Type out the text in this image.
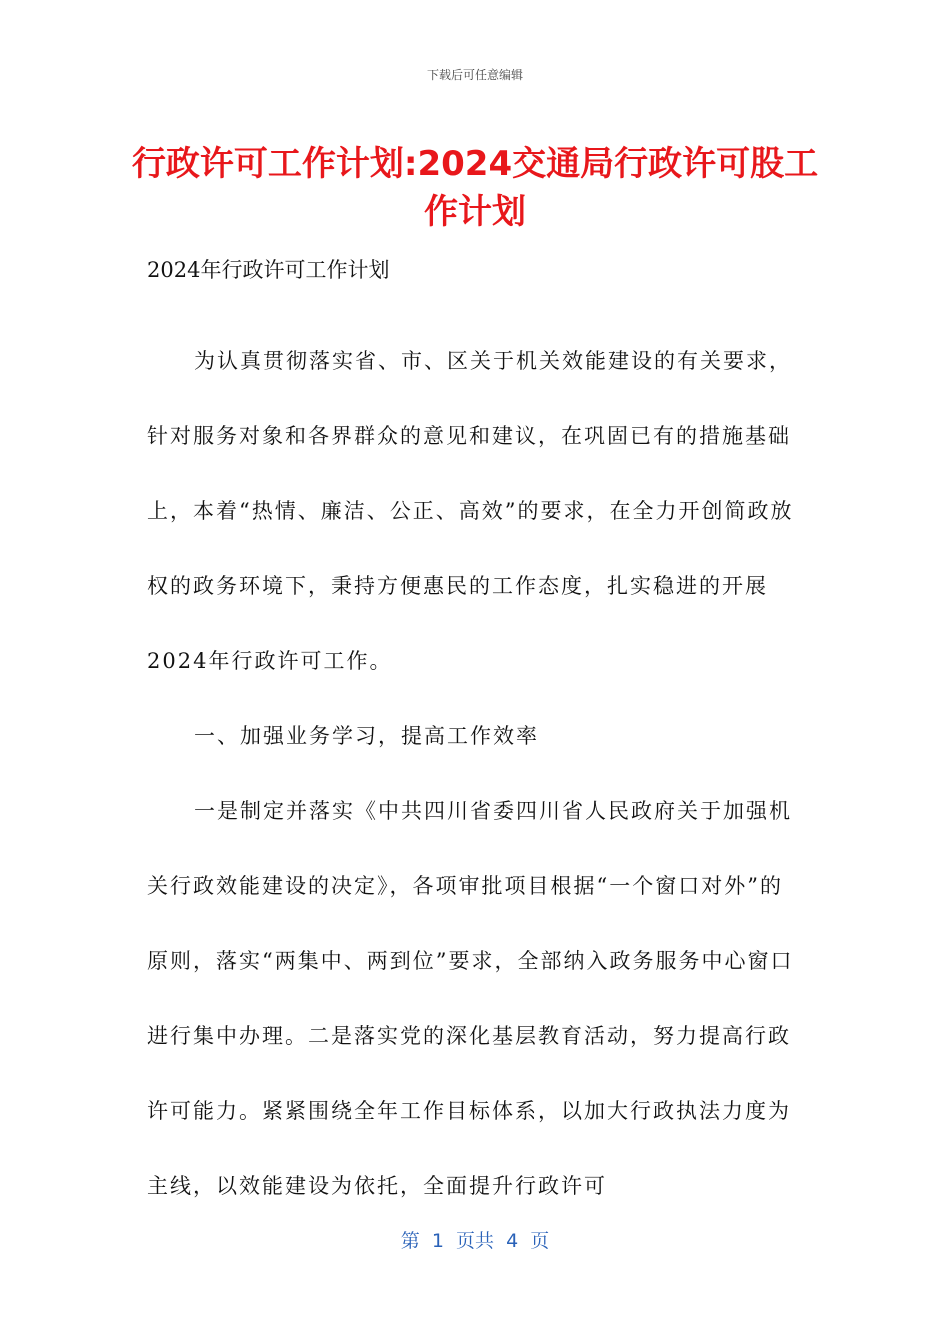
下载后可任意编辑
行政许可工作计划:2024交通局行政许可股工作计划
2024年行政许可工作计划

为认真贯彻落实省、市、区关于机关效能建设的有关要求，针对服务对象和各界群众的意见和建议，在巩固已有的措施基础上，本着“热情、廉洁、公正、高效”的要求，在全力开创简政放权的政务环境下，秉持方便惠民的工作态度，扎实稳进的开展2024年行政许可工作。

一、加强业务学习，提高工作效率

一是制定并落实《中共四川省委四川省人民政府关于加强机关行政效能建设的决定》，各项审批项目根据“一个窗口对外”的原则，落实“两集中、两到位”要求，全部纳入政务服务中心窗口进行集中办理。二是落实党的深化基层教育活动，努力提高行政许可能力。紧紧围绕全年工作目标体系，以加大行政执法力度为主线，以效能建设为依托，全面提升行政许可

第  1  页共  4  页
